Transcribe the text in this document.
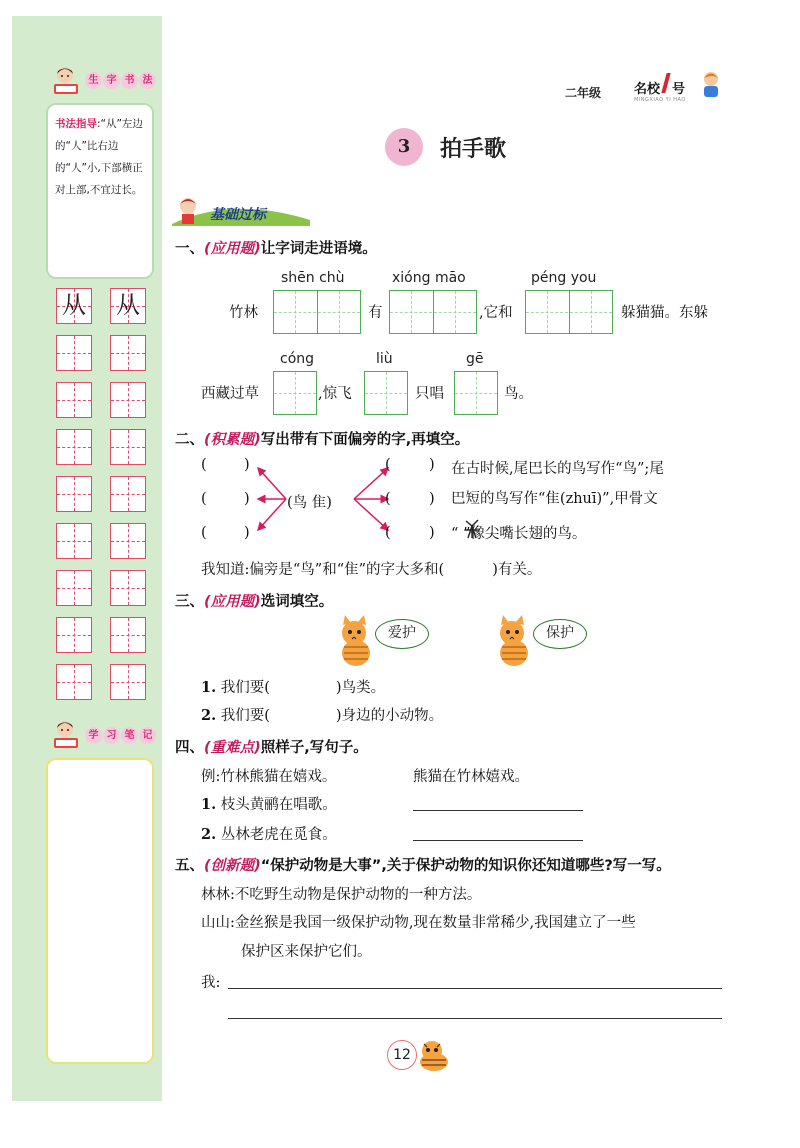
生 字 书 法
书法指导:“从”左边的“人”比右边的“人”小,下部横正对上部,不宜过长。
从 从
学 习 笔 记
二年级	名校 号
MINGXIAO YI HAO
3	拍手歌
基础过标
一、(应用题)让字词走进语境。
shēn chù	xióng māo	péng you
竹林	有	,它和	躲猫猫。东躲
cóng	liù	gē
西藏过草	,惊飞	只唱	鸟。
二、(积累题)写出带有下面偏旁的字,再填空。
(	)
(	)
(	)
(鸟 隹)
(	)
(	)
(	)
在古时候,尾巴长的鸟写作“鸟”;尾
巴短的鸟写作“隹(zhuī)”,甲骨文
“ ”像尖嘴长翅的鸟。
我知道:偏旁是“鸟”和“隹”的字大多和(	)有关。
三、(应用题)选词填空。
爱护	保护
1. 我们要(	)鸟类。
2. 我们要(	)身边的小动物。
四、(重难点)照样子,写句子。
例:竹林熊猫在嬉戏。	熊猫在竹林嬉戏。
1. 枝头黄鹂在唱歌。
2. 丛林老虎在觅食。
五、(创新题)“保护动物是大事”,关于保护动物的知识你还知道哪些?写一写。
林林:不吃野生动物是保护动物的一种方法。
山山:金丝猴是我国一级保护动物,现在数量非常稀少,我国建立了一些
保护区来保护它们。
我:
12
